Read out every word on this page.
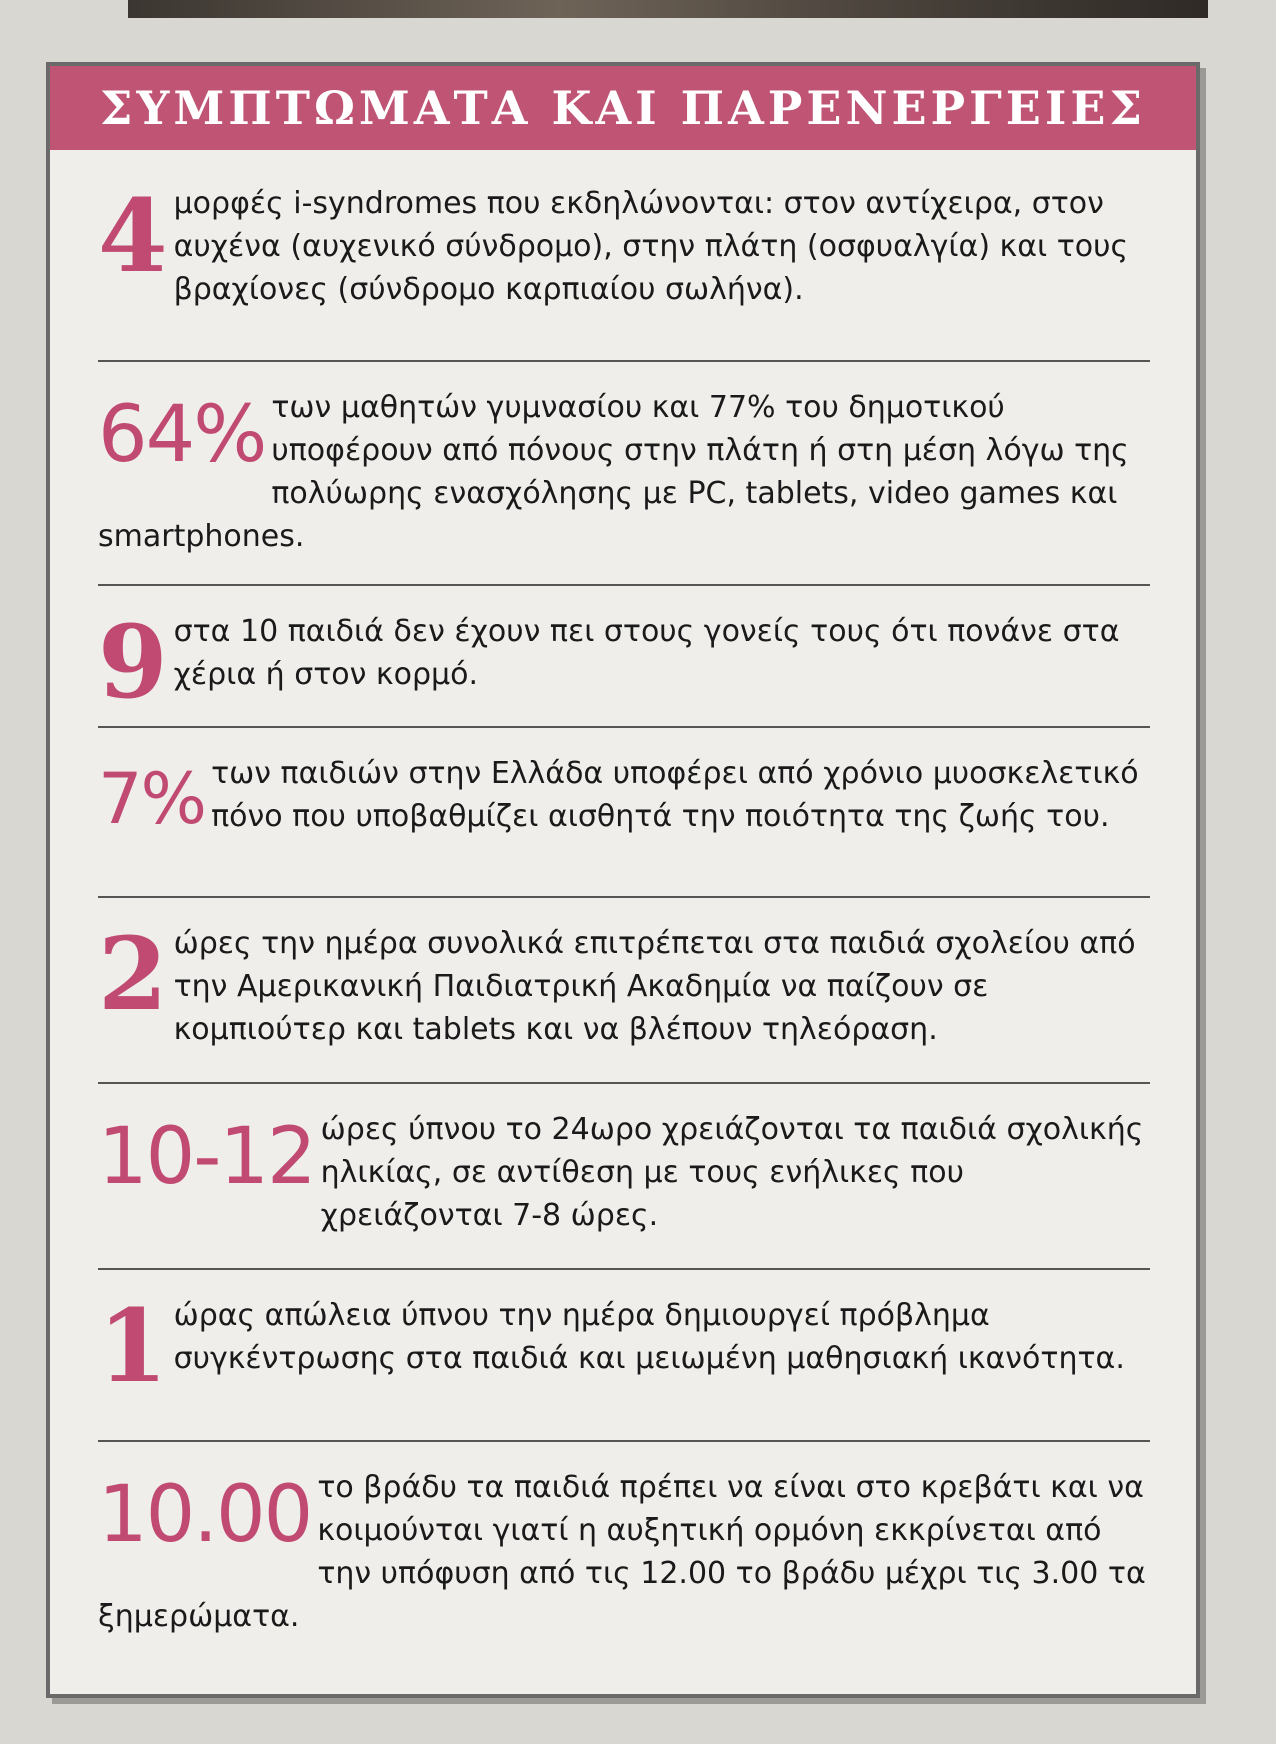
ΣΥΜΠΤΩΜΑΤΑ ΚΑΙ ΠΑΡΕΝΕΡΓΕΙΕΣ
4 μορφές i-syndromes που εκδηλώνονται: στον αντίχειρα, στον αυχένα (αυχενικό σύνδρομο), στην πλάτη (οσφυαλγία) και τους βραχίονες (σύνδρομο καρπιαίου σωλήνα).
64% των μαθητών γυμνασίου και 77% του δημοτικού υποφέρουν από πόνους στην πλάτη ή στη μέση λόγω της πολύωρης ενασχόλησης με PC, tablets, video games και smartphones.
9 στα 10 παιδιά δεν έχουν πει στους γονείς τους ότι πονάνε στα χέρια ή στον κορμό.
7% των παιδιών στην Ελλάδα υποφέρει από χρόνιο μυοσκελετικό πόνο που υποβαθμίζει αισθητά την ποιότητα της ζωής του.
2 ώρες την ημέρα συνολικά επιτρέπεται στα παιδιά σχολείου από την Αμερικανική Παιδιατρική Ακαδημία να παίζουν σε κομπιούτερ και tablets και να βλέπουν τηλεόραση.
10-12 ώρες ύπνου το 24ωρο χρειάζονται τα παιδιά σχολικής ηλικίας, σε αντίθεση με τους ενήλικες που χρειάζονται 7-8 ώρες.
1 ώρας απώλεια ύπνου την ημέρα δημιουργεί πρόβλημα συγκέντρωσης στα παιδιά και μειωμένη μαθησιακή ικανότητα.
10.00 το βράδυ τα παιδιά πρέπει να είναι στο κρεβάτι και να κοιμούνται γιατί η αυξητική ορμόνη εκκρίνεται από την υπόφυση από τις 12.00 το βράδυ μέχρι τις 3.00 τα ξημερώματα.
